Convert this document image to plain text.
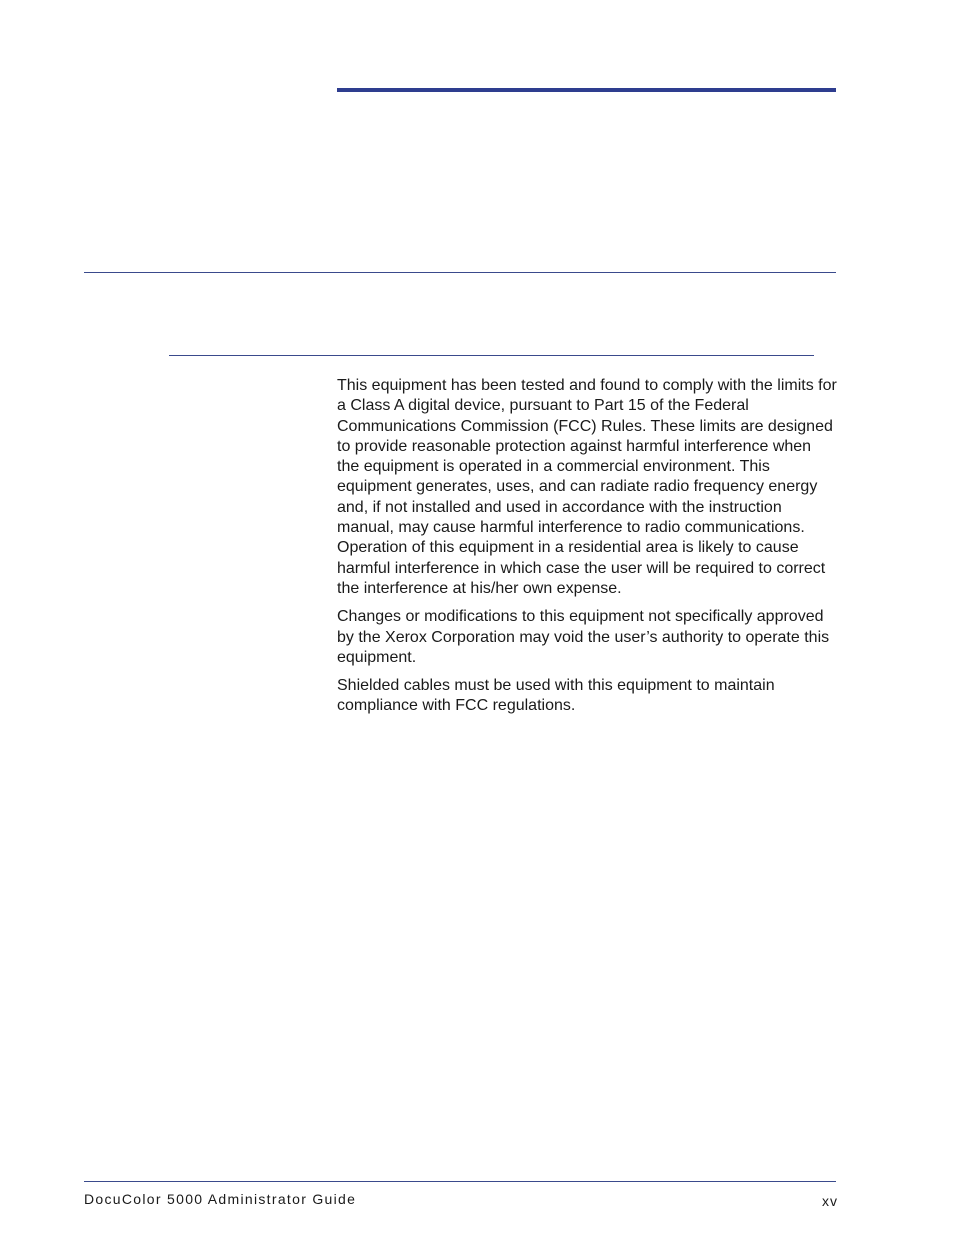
This equipment has been tested and found to comply with the limits for a Class A digital device, pursuant to Part 15 of the Federal Communications Commission (FCC) Rules. These limits are designed to provide reasonable protection against harmful interference when the equipment is operated in a commercial environment. This equipment generates, uses, and can radiate radio frequency energy and, if not installed and used in accordance with the instruction manual, may cause harmful interference to radio communications. Operation of this equipment in a residential area is likely to cause harmful interference in which case the user will be required to correct the interference at his/her own expense.

Changes or modifications to this equipment not specifically approved by the Xerox Corporation may void the user’s authority to operate this equipment.

Shielded cables must be used with this equipment to maintain compliance with FCC regulations.

DocuColor 5000 Administrator Guide	xv
